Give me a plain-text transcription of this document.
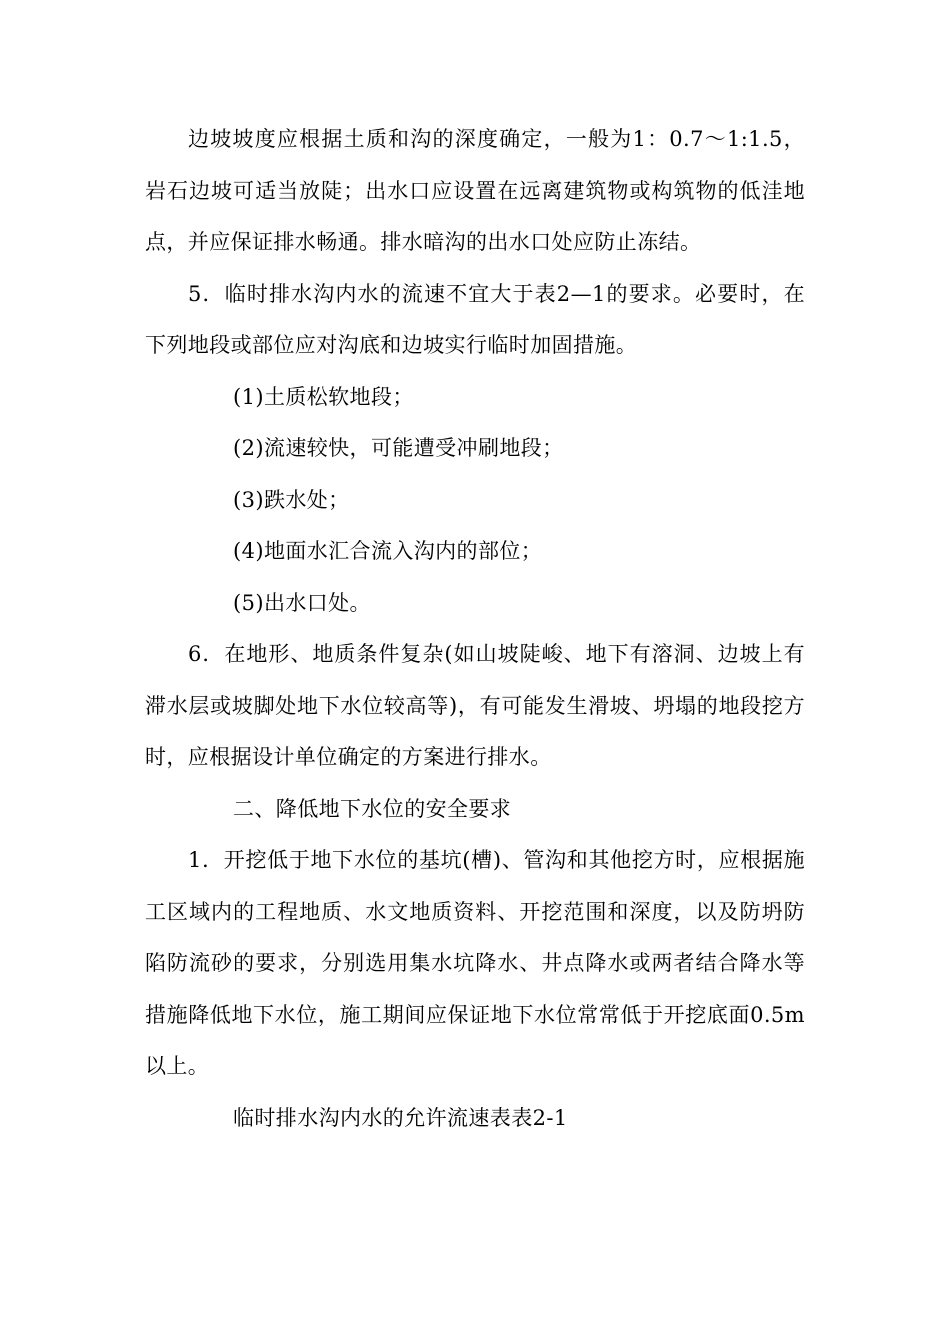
边坡坡度应根据土质和沟的深度确定，一般为1：0.7～1:1.5，岩石边坡可适当放陡；出水口应设置在远离建筑物或构筑物的低洼地点，并应保证排水畅通。排水暗沟的出水口处应防止冻结。

5．临时排水沟内水的流速不宜大于表2—1的要求。必要时，在下列地段或部位应对沟底和边坡实行临时加固措施。

(1)土质松软地段；

(2)流速较快，可能遭受冲刷地段；

(3)跌水处；

(4)地面水汇合流入沟内的部位；

(5)出水口处。

6．在地形、地质条件复杂(如山坡陡峻、地下有溶洞、边坡上有滞水层或坡脚处地下水位较高等)，有可能发生滑坡、坍塌的地段挖方时，应根据设计单位确定的方案进行排水。

二、降低地下水位的安全要求

1．开挖低于地下水位的基坑(槽)、管沟和其他挖方时，应根据施工区域内的工程地质、水文地质资料、开挖范围和深度，以及防坍防陷防流砂的要求，分别选用集水坑降水、井点降水或两者结合降水等措施降低地下水位，施工期间应保证地下水位常常低于开挖底面0.5m以上。

临时排水沟内水的允许流速表表2-1
